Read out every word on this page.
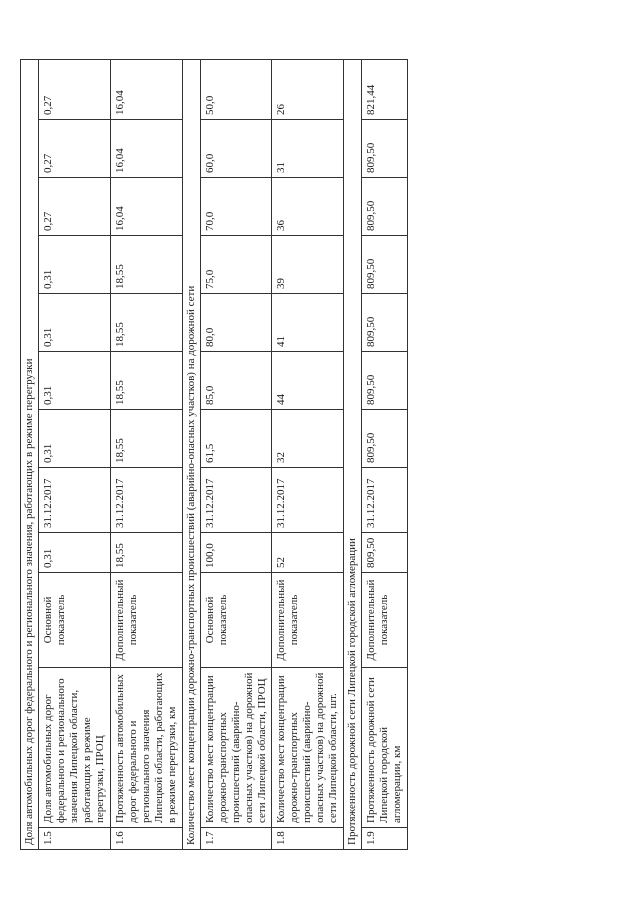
Доля автомобильных дорог федерального и регионального значения, работающих в режиме перегрузки											
1.5	Доля автомобильных дорог федерального и регионального значения Липецкой области, работающих в режиме перегрузки, ПРОЦ	Основной показатель	0,31	31.12.2017	0,31	0,31	0,31	0,31	0,27	0,27	0,27
1.6	Протяженность автомобильных дорог федерального и регионального значения Липецкой области, работающих в режиме перегрузки, км	Дополнительный показатель	18,55	31.12.2017	18,55	18,55	18,55	18,55	16,04	16,04	16,04
Количество мест концентрации дорожно-транспортных происшествий (аварийно-опасных участков) на дорожной сети											
1.7	Количество мест концентрации дорожно-транспортных происшествий (аварийно-опасных участков) на дорожной сети Липецкой области, ПРОЦ	Основной показатель	100,0	31.12.2017	61,5	85,0	80,0	75,0	70,0	60,0	50,0
1.8	Количество мест концентрации дорожно-транспортных происшествий (аварийно-опасных участков) на дорожной сети Липецкой области, шт.	Дополнительный показатель	52	31.12.2017	32	44	41	39	36	31	26
Протяженность дорожной сети Липецкой городской агломерации											
1.9	Протяженность дорожной сети Липецкой городской агломерации, км	Дополнительный показатель	809,50	31.12.2017	809,50	809,50	809,50	809,50	809,50	809,50	821,44
